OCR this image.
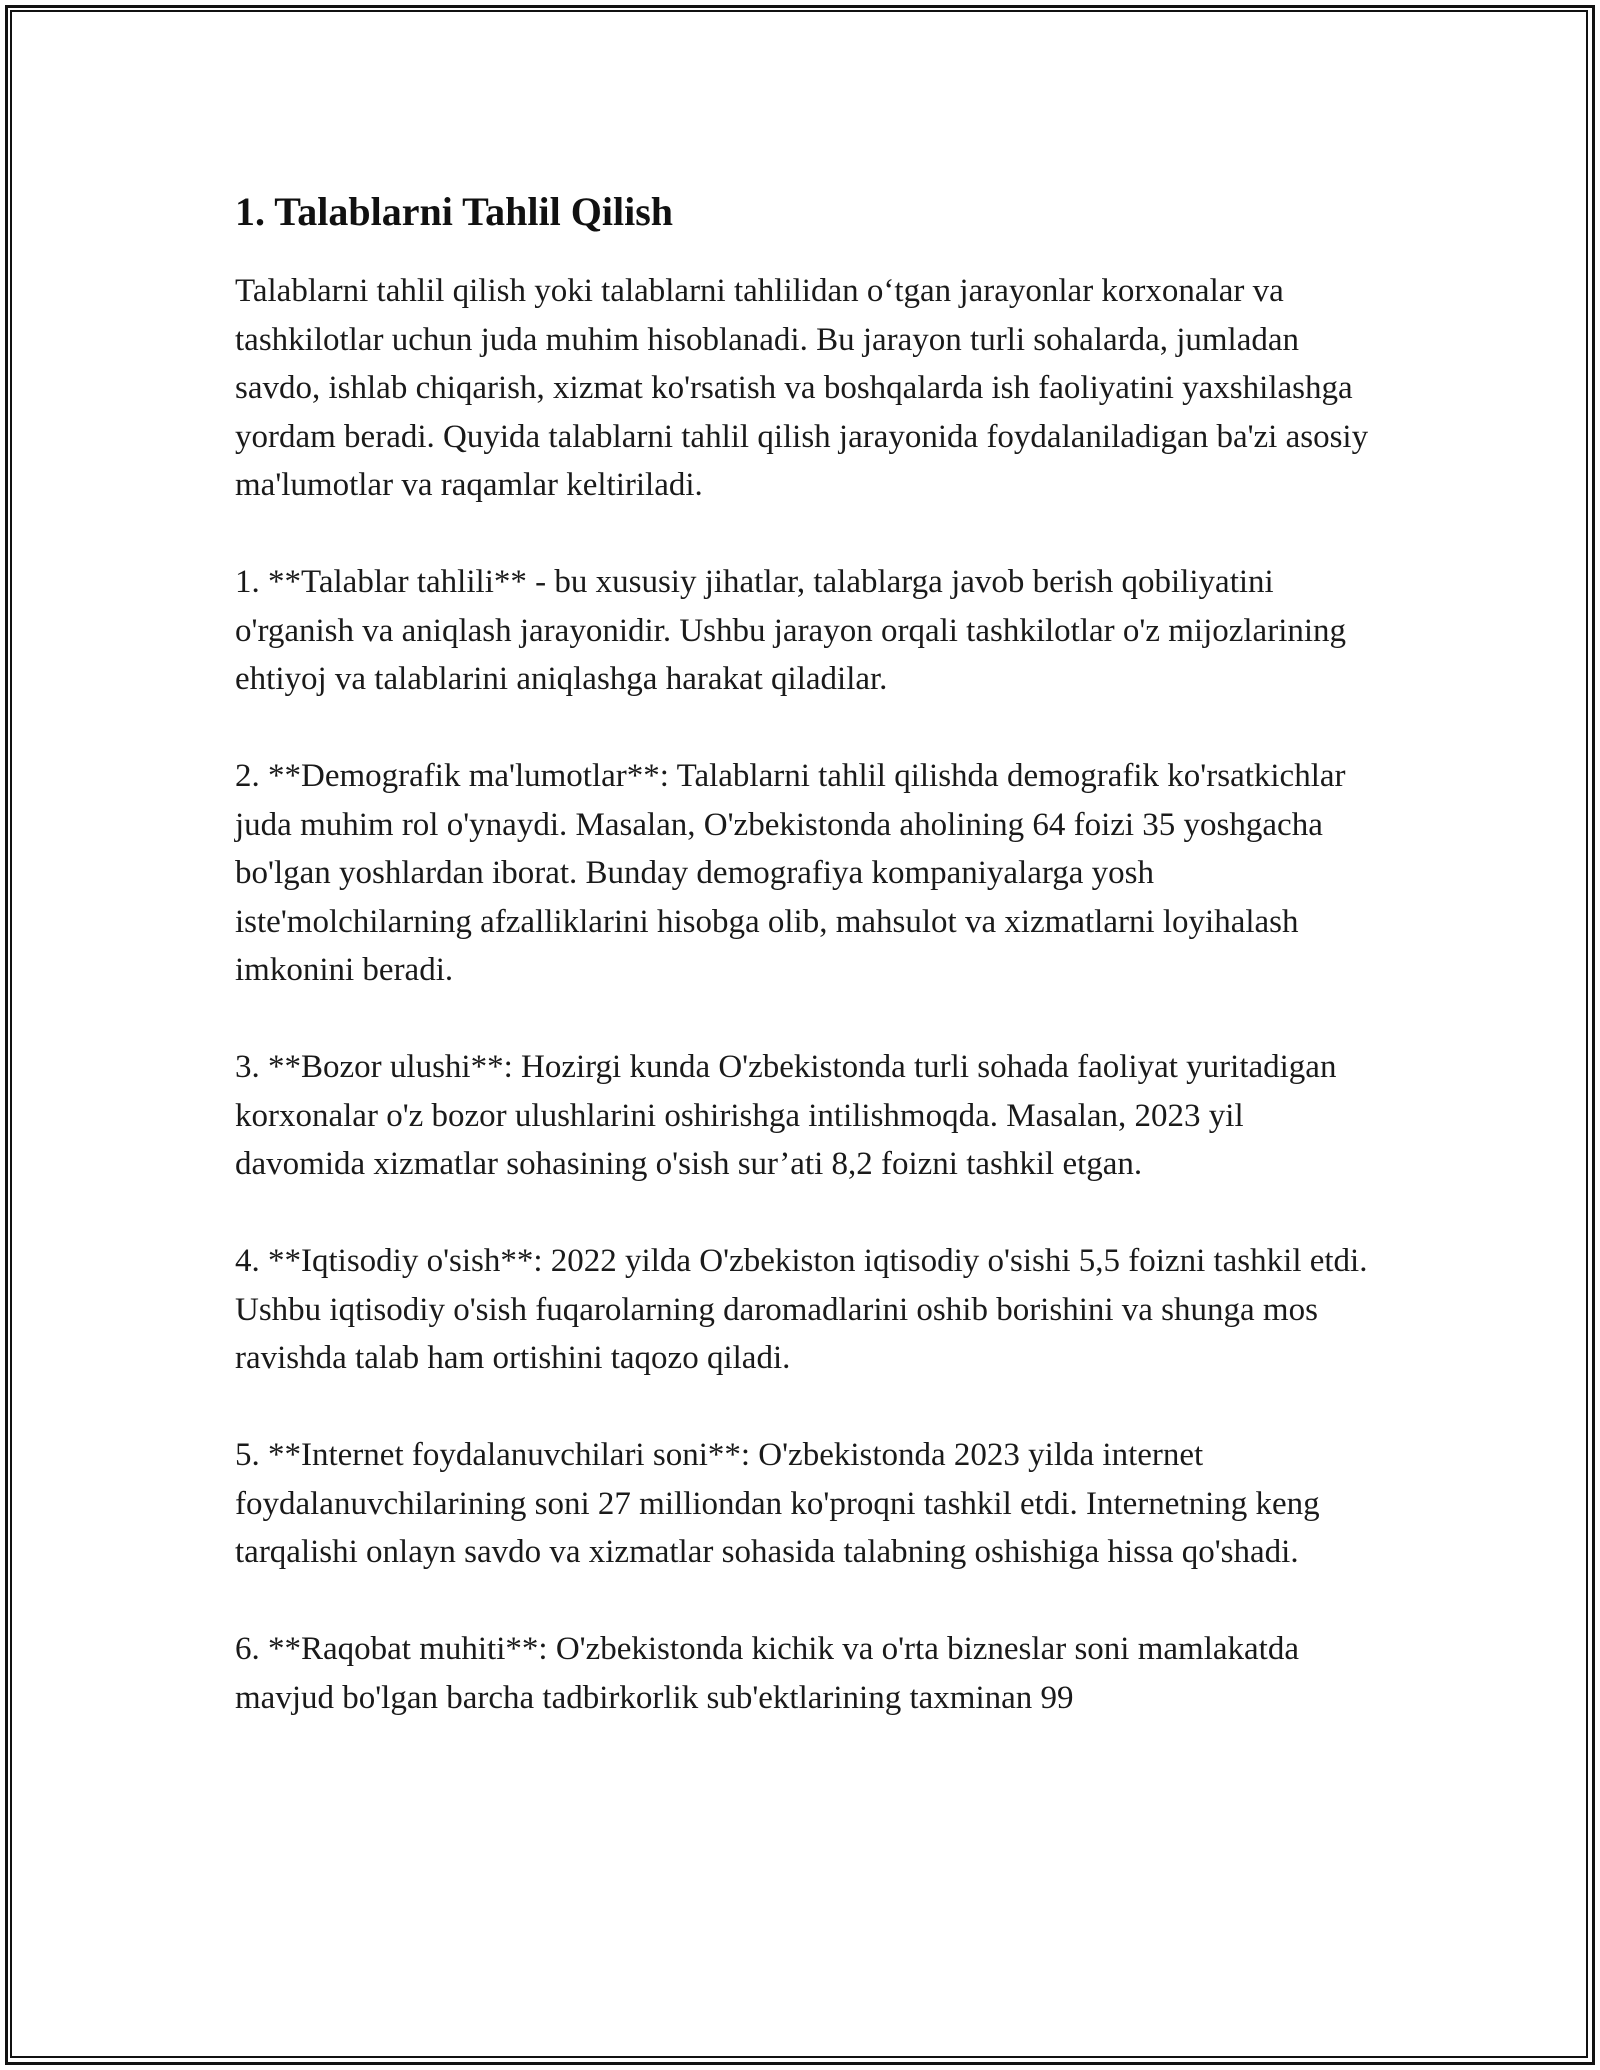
1. Talablarni Tahlil Qilish

Talablarni tahlil qilish yoki talablarni tahlilidan o‘tgan jarayonlar korxonalar va tashkilotlar uchun juda muhim hisoblanadi. Bu jarayon turli sohalarda, jumladan savdo, ishlab chiqarish, xizmat ko'rsatish va boshqalarda ish faoliyatini yaxshilashga yordam beradi. Quyida talablarni tahlil qilish jarayonida foydalaniladigan ba'zi asosiy ma'lumotlar va raqamlar keltiriladi.

1. **Talablar tahlili** - bu xususiy jihatlar, talablarga javob berish qobiliyatini o'rganish va aniqlash jarayonidir. Ushbu jarayon orqali tashkilotlar o'z mijozlarining ehtiyoj va talablarini aniqlashga harakat qiladilar.

2. **Demografik ma'lumotlar**: Talablarni tahlil qilishda demografik ko'rsatkichlar juda muhim rol o'ynaydi. Masalan, O'zbekistonda aholining 64 foizi 35 yoshgacha bo'lgan yoshlardan iborat. Bunday demografiya kompaniyalarga yosh iste'molchilarning afzalliklarini hisobga olib, mahsulot va xizmatlarni loyihalash imkonini beradi.

3. **Bozor ulushi**: Hozirgi kunda O'zbekistonda turli sohada faoliyat yuritadigan korxonalar o'z bozor ulushlarini oshirishga intilishmoqda. Masalan, 2023 yil davomida xizmatlar sohasining o'sish sur’ati 8,2 foizni tashkil etgan.

4. **Iqtisodiy o'sish**: 2022 yilda O'zbekiston iqtisodiy o'sishi 5,5 foizni tashkil etdi. Ushbu iqtisodiy o'sish fuqarolarning daromadlarini oshib borishini va shunga mos ravishda talab ham ortishini taqozo qiladi.

5. **Internet foydalanuvchilari soni**: O'zbekistonda 2023 yilda internet foydalanuvchilarining soni 27 milliondan ko'proqni tashkil etdi. Internetning keng tarqalishi onlayn savdo va xizmatlar sohasida talabning oshishiga hissa qo'shadi.

6. **Raqobat muhiti**: O'zbekistonda kichik va o'rta bizneslar soni mamlakatda mavjud bo'lgan barcha tadbirkorlik sub'ektlarining taxminan 99
